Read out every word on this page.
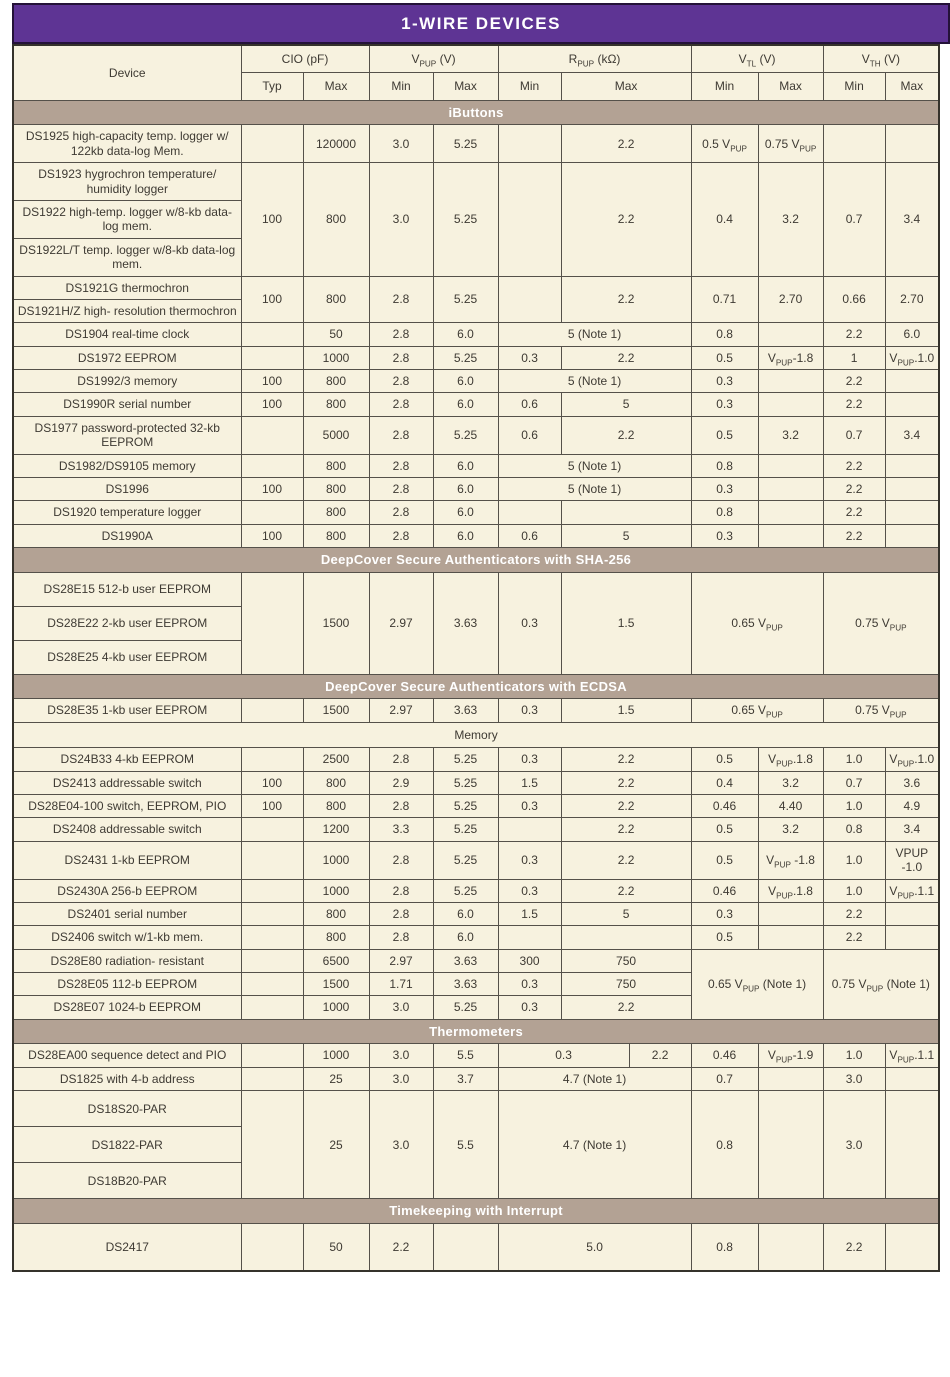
1-WIRE DEVICES
Device	CIO (pF)		$V_{PUP}$ (V)		$R_{PUP}$ (kΩ)			$V_{TL}$ (V)		$V_{TH}$ (V)	
	Typ	Max	Min	Max	Min	Max		Min	Max	Min	Max
iButtons											
DS1925 high-capacity temp. logger w/ 122kb data-log Mem.		120000	3.0	5.25		2.2		0.5 $V_{PUP}$	0.75 $V_{PUP}$		
DS1923 hygrochron temperature/ humidity logger	100	800	3.0	5.25		2.2		0.4	3.2	0.7	3.4
DS1922 high-temp. logger w/8-kb data-log mem.											
DS1922L/T temp. logger w/8-kb data-log mem.											
DS1921G thermochron	100	800	2.8	5.25		2.2		0.71	2.70	0.66	2.70
DS1921H/Z high- resolution thermochron											
DS1904 real-time clock		50	2.8	6.0	5 (Note 1)			0.8		2.2	6.0
DS1972 EEPROM		1000	2.8	5.25	0.3	2.2		0.5	$V_{PUP}-1.8$	1	$V_{PUP}.1.0$
DS1992/3 memory	100	800	2.8	6.0	5 (Note 1)			0.3		2.2	
DS1990R serial number	100	800	2.8	6.0	0.6	5		0.3		2.2	
DS1977 password-protected 32-kb EEPROM		5000	2.8	5.25	0.6	2.2		0.5	3.2	0.7	3.4
DS1982/DS9105 memory		800	2.8	6.0	5 (Note 1)			0.8		2.2	
DS1996	100	800	2.8	6.0	5 (Note 1)			0.3		2.2	
DS1920 temperature logger		800	2.8	6.0				0.8		2.2	
DS1990A	100	800	2.8	6.0	0.6	5		0.3		2.2	
DeepCover Secure Authenticators with SHA-256											
DS28E15 512-b user EEPROM		1500	2.97	3.63	0.3	1.5		0.65 $V_{PUP}$		0.75 $V_{PUP}$
DS28E22 2-kb user EEPROM											
DS28E25 4-kb user EEPROM											
DeepCover Secure Authenticators with ECDSA											
DS28E35 1-kb user EEPROM		1500	2.97	3.63	0.3	1.5		0.65 $V_{PUP}$		0.75 $V_{PUP}$
Memory											
DS24B33 4-kb EEPROM		2500	2.8	5.25	0.3	2.2		0.5	$V_{PUP}.1.8$	1.0	$V_{PUP}.1.0$
DS2413 addressable switch	100	800	2.9	5.25	1.5	2.2		0.4	3.2	0.7	3.6
DS28E04-100 switch, EEPROM, PIO	100	800	2.8	5.25	0.3	2.2		0.46	4.40	1.0	4.9
DS2408 addressable switch		1200	3.3	5.25		2.2		0.5	3.2	0.8	3.4
DS2431 1-kb EEPROM		1000	2.8	5.25	0.3	2.2		0.5	$V_{PUP}$ -1.8	1.0	VPUP -1.0
DS2430A 256-b EEPROM		1000	2.8	5.25	0.3	2.2		0.46	$V_{PUP}.1.8$	1.0	$V_{PUP}.1.1$
DS2401 serial number		800	2.8	6.0	1.5	5		0.3		2.2	
DS2406 switch w/1-kb mem.		800	2.8	6.0				0.5		2.2	
DS28E80 radiation- resistant		6500	2.97	3.63	300	750		0.65 $V_{PUP}$ (Note 1)		0.75 $V_{PUP}$ (Note 1)	
DS28E05 112-b EEPROM		1500	1.71	3.63	0.3	750					
DS28E07 1024-b EEPROM		1000	3.0	5.25	0.3	2.2					
Thermometers											
DS28EA00 sequence detect and PIO		1000	3.0	5.5	0.3		2.2	0.46	$V_{PUP}-1.9$	1.0	$V_{PUP}.1.1$
DS1825 with 4-b address		25	3.0	3.7	4.7 (Note 1)			0.7		3.0	
DS18S20-PAR		25	3.0	5.5	4.7 (Note 1)			0.8		3.0	
DS1822-PAR											
DS18B20-PAR											
Timekeeping with Interrupt											
DS2417		50	2.2		5.0			0.8		2.2	
